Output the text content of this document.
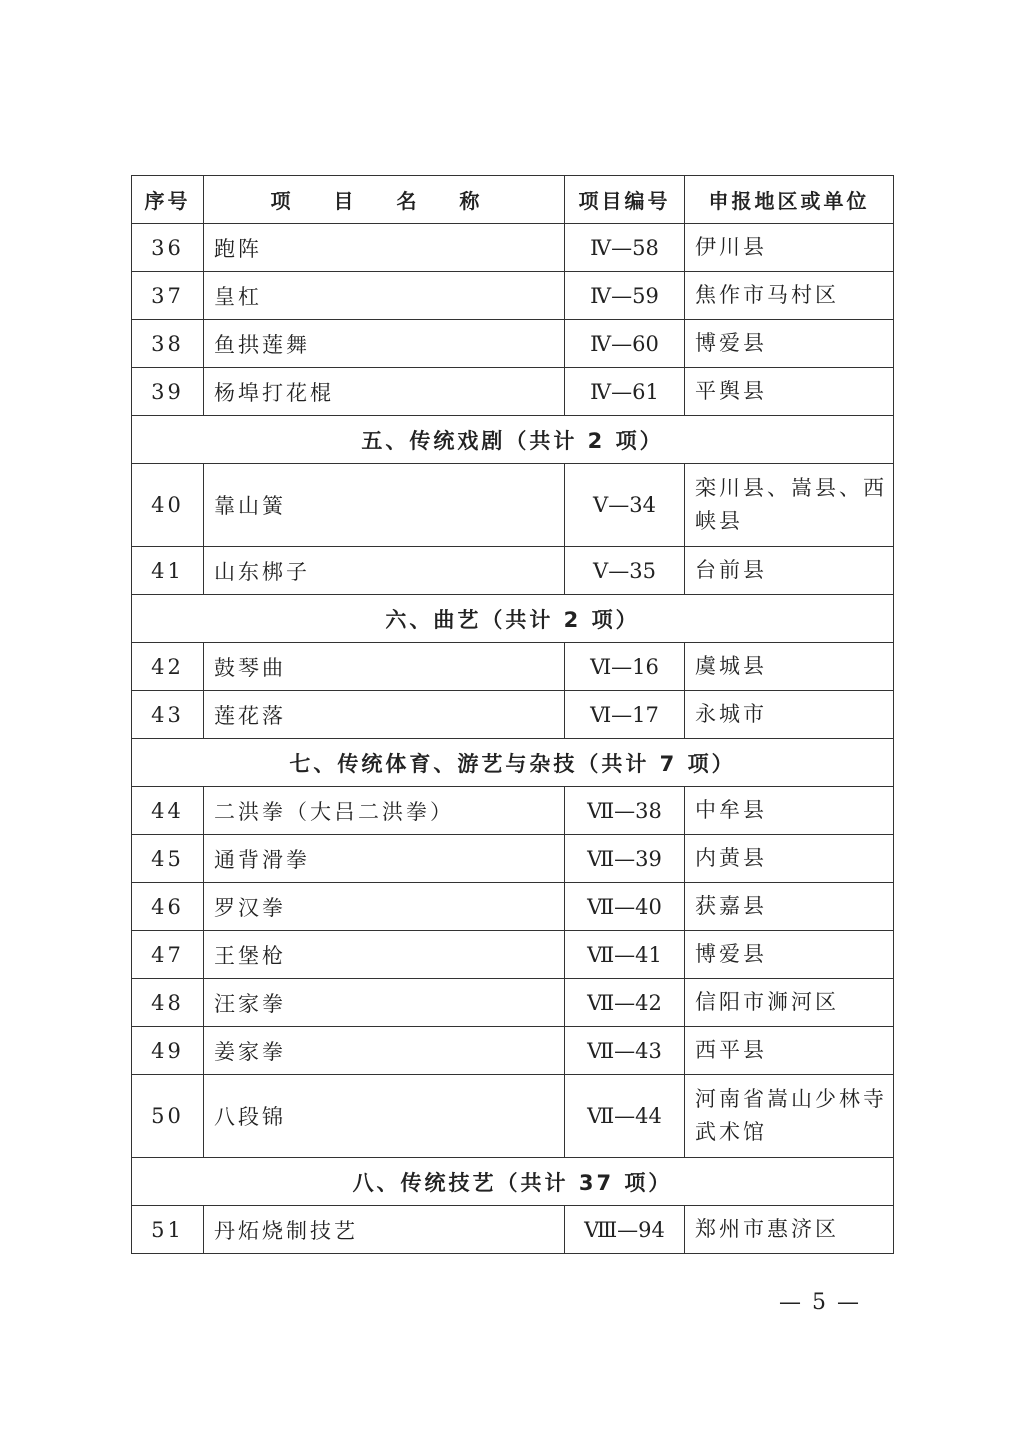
序号	项 目 名 称	项目编号	申报地区或单位
36	跑阵	Ⅳ—58	伊川县
37	皇杠	Ⅳ—59	焦作市马村区
38	鱼拱莲舞	Ⅳ—60	博爱县
39	杨埠打花棍	Ⅳ—61	平舆县
五、传统戏剧（共计 2 项）			
40	靠山簧	Ⅴ—34	栾川县、嵩县、西峡县
41	山东梆子	Ⅴ—35	台前县
六、曲艺（共计 2 项）			
42	鼓琴曲	Ⅵ—16	虞城县
43	莲花落	Ⅵ—17	永城市
七、传统体育、游艺与杂技（共计 7 项）			
44	二洪拳（大吕二洪拳）	Ⅶ—38	中牟县
45	通背滑拳	Ⅶ—39	内黄县
46	罗汉拳	Ⅶ—40	获嘉县
47	王堡枪	Ⅶ—41	博爱县
48	汪家拳	Ⅶ—42	信阳市浉河区
49	姜家拳	Ⅶ—43	西平县
50	八段锦	Ⅶ—44	河南省嵩山少林寺武术馆
八、传统技艺（共计 37 项）			
51	丹炻烧制技艺	Ⅷ—94	郑州市惠济区
— 5 —
